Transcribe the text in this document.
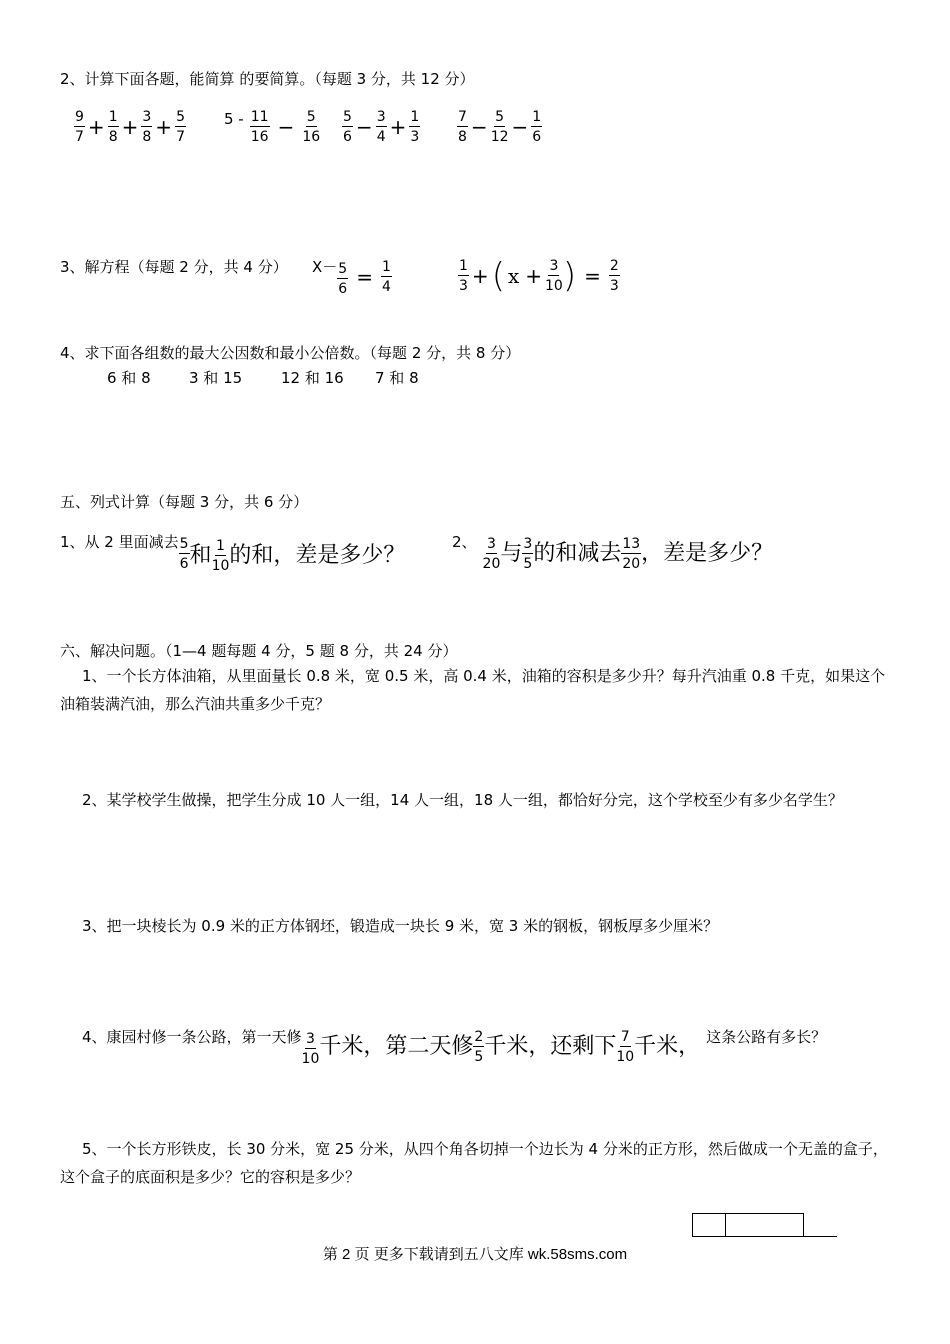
2、计算下面各题，能简算 的要简算。（每题 3 分，共 12 分）
$\frac{9}{7} + \frac{1}{8} + \frac{3}{8} + \frac{5}{7}$	$5 - \frac{11}{16} - \frac{5}{16} \frac{5}{6} - \frac{3}{4} + \frac{1}{3}$	$\frac{7}{8} - \frac{5}{12} - \frac{1}{6}$
3、解方程（每题 2 分，共 4 分） $X- \frac{5}{6} = \frac{1}{4}$	$\frac{1}{3}$ + ( $x + \frac{3}{10}$ ) = $\frac{2}{3}$
4、求下面各组数的最大公因数和最小公倍数。（每题 2 分，共 8 分）
6 和 8	3 和 15	12 和 16 7 和 8
五、列式计算（每题 3 分，共 6 分）
1、从 2 里面减去 $\frac{5}{6}$ 和 $\frac{1}{10}$ 的和，差是多少？
2、 $\frac{3}{20}$ 与 $\frac{3}{5}$ 的和减去 $\frac{13}{20}$ ，差是多少？
六、解决问题。（1—4 题每题 4 分，5 题 8 分，共 24 分）
1、一个长方体油箱，从里面量长 0.8 米，宽 0.5 米，高 0.4 米，油箱的容积是多少升？每升汽油重 0.8 千克，如果这个油箱装满汽油，那么汽油共重多少千克？
2、某学校学生做操，把学生分成 10 人一组，14 人一组，18 人一组，都恰好分完，这个学校至少有多少名学生？
3、把一块棱长为 0.9 米的正方体钢坯，锻造成一块长 9 米，宽 3 米的钢板，钢板厚多少厘米？
4、康园村修一条公路，第一天修 $\frac{3}{10}$ 千米，第二天修 $\frac{2}{5}$ 千米，还剩下 $\frac{7}{10}$ 千米， 这条公路有多长？
5、一个长方形铁皮，长 30 分米，宽 25 分米，从四个角各切掉一个边长为 4 分米的正方形，然后做成一个无盖的盒子，这个盒子的底面积是多少？它的容积是多少？

第 2 页 更多下载请到五八文库 wk.58sms.com
